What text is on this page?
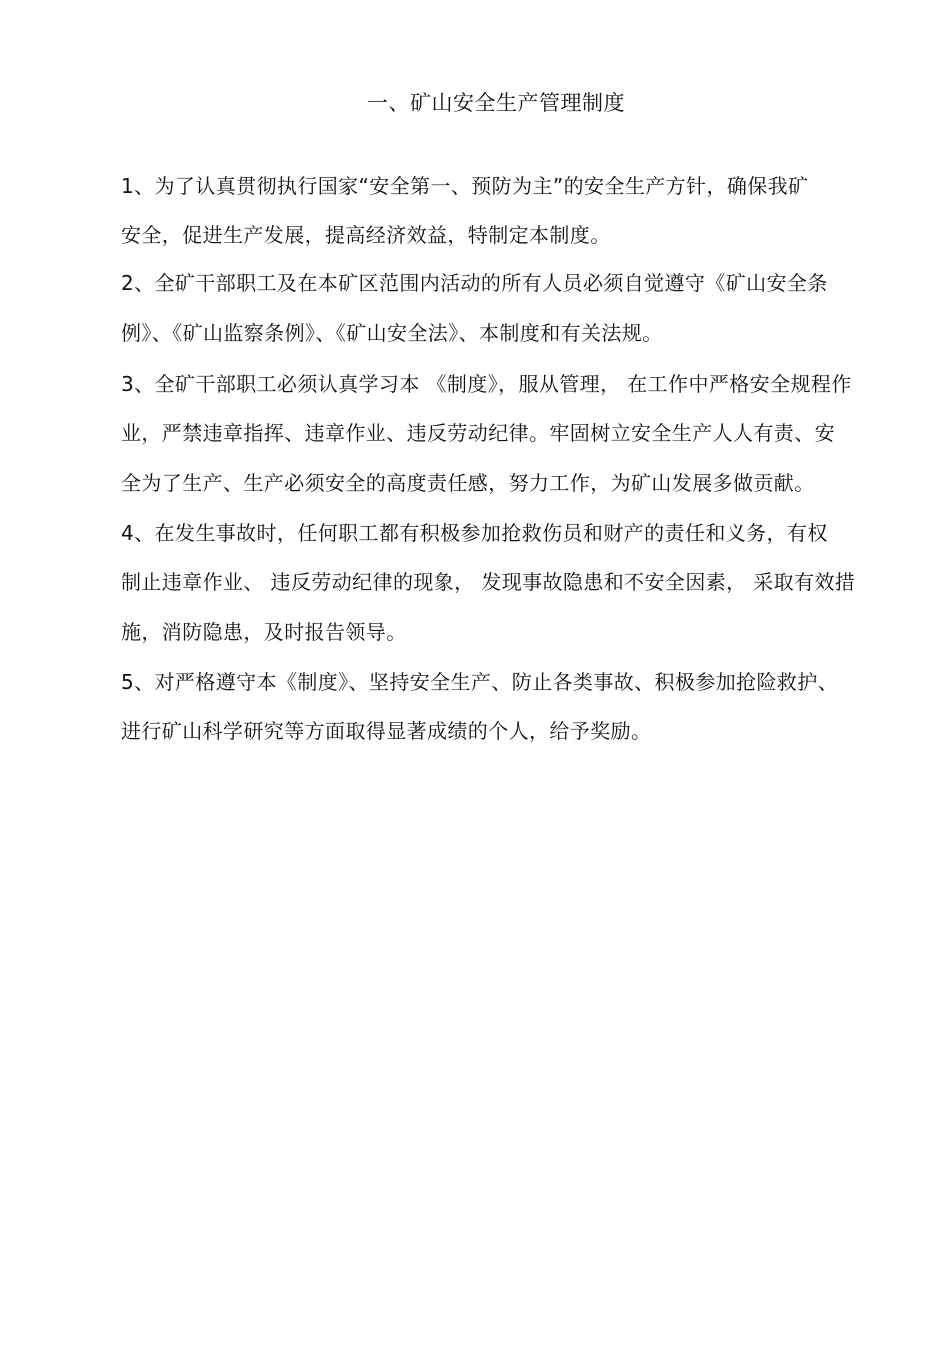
一、矿山安全生产管理制度
1、为了认真贯彻执行国家“安全第一、预防为主”的安全生产方针，确保我矿
安全，促进生产发展，提高经济效益，特制定本制度。
2、全矿干部职工及在本矿区范围内活动的所有人员必须自觉遵守《矿山安全条
例》、《矿山监察条例》、《矿山安全法》、本制度和有关法规。
3、全矿干部职工必须认真学习本 《制度》，服从管理， 在工作中严格安全规程作
业，严禁违章指挥、违章作业、违反劳动纪律。牢固树立安全生产人人有责、安
全为了生产、生产必须安全的高度责任感，努力工作，为矿山发展多做贡献。
4、在发生事故时，任何职工都有积极参加抢救伤员和财产的责任和义务，有权
制止违章作业、 违反劳动纪律的现象， 发现事故隐患和不安全因素， 采取有效措
施，消防隐患，及时报告领导。
5、对严格遵守本《制度》、坚持安全生产、防止各类事故、积极参加抢险救护、
进行矿山科学研究等方面取得显著成绩的个人，给予奖励。
